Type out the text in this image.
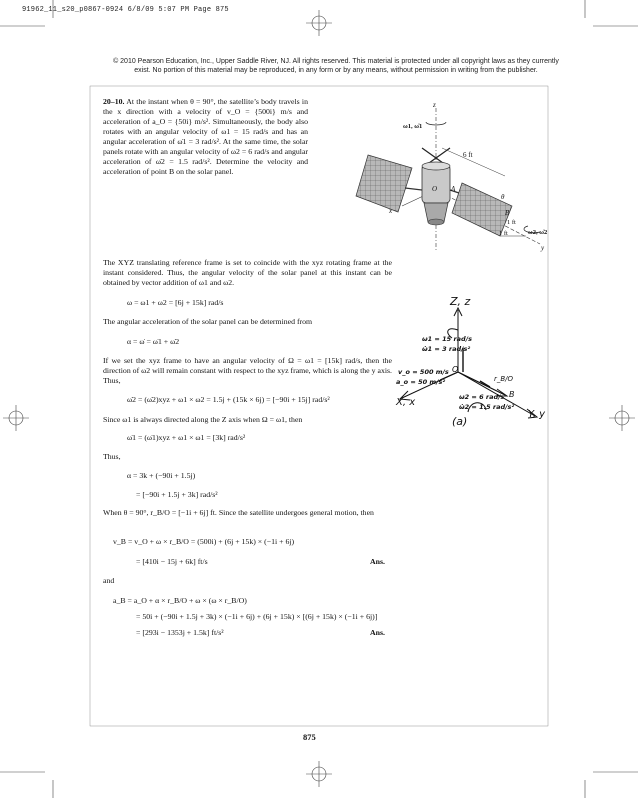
91962_11_s20_p0867-0924 6/8/09 5:07 PM Page 875
© 2010 Pearson Education, Inc., Upper Saddle River, NJ. All rights reserved. This material is protected under all copyright laws as they currently
exist. No portion of this material may be reproduced, in any form or by any means, without permission in writing from the publisher.
20–10. At the instant when θ = 90°, the satellite’s body travels in the x direction with a velocity of v_O = {500i} m/s and acceleration of a_O = {50i} m/s². Simultaneously, the body also rotates with an angular velocity of ω1 = 15 rad/s and has an angular acceleration of ω̇1 = 3 rad/s². At the same time, the solar panels rotate with an angular velocity of ω2 = 6 rad/s and angular acceleration of ω̇2 = 1.5 rad/s². Determine the velocity and acceleration of point B on the solar panel.
z
ω1, ω̇1
6 ft
O A
x
θ
B
1 ft
1 ft	ω2, ω̇2
y
The XYZ translating reference frame is set to coincide with the xyz rotating frame at the instant considered. Thus, the angular velocity of the solar panel at this instant can be obtained by vector addition of ω1 and ω2.
ω = ω1 + ω2 = [6j + 15k] rad/s
The angular acceleration of the solar panel can be determined from
α = ω̇ = ω̇1 + ω̇2
If we set the xyz frame to have an angular velocity of Ω = ω1 = [15k] rad/s, then the direction of ω2 will remain constant with respect to the xyz frame, which is along the y axis. Thus,
ω̇2 = (ω̇2)xyz + ω1 × ω2 = 1.5j + (15k × 6j) = [−90i + 15j] rad/s²
Since ω1 is always directed along the Z axis when Ω = ω1, then
ω̇1 = (ω̇1)xyz + ω1 × ω1 = [3k] rad/s²
Thus,
α = 3k + (−90i + 1.5j)
= [−90i + 1.5j + 3k] rad/s²
When θ = 90°, r_B/O = [−1i + 6j] ft. Since the satellite undergoes general motion, then
v_B = v_O + ω × r_B/O = (500i) + (6j + 15k) × (−1i + 6j)
= [410i − 15j + 6k] ft/s	Ans.
and
a_B = a_O + α × r_B/O + ω × (ω × r_B/O)
= 50i + (−90i + 1.5j + 3k) × (−1i + 6j) + (6j + 15k) × [(6j + 15k) × (−1i + 6j)]
= [293i − 1353j + 1.5k] ft/s²	Ans.
Z, z
ω1 = 15 rad/s
ω̇1 = 3 rad/s²
v_o = 500 m/s
a_o = 50 m/s²
O
r_B/O
B
ω2 = 6 rad/s
ω̇2 = 1.5 rad/s²
X, x
Y, y
(a)
875
